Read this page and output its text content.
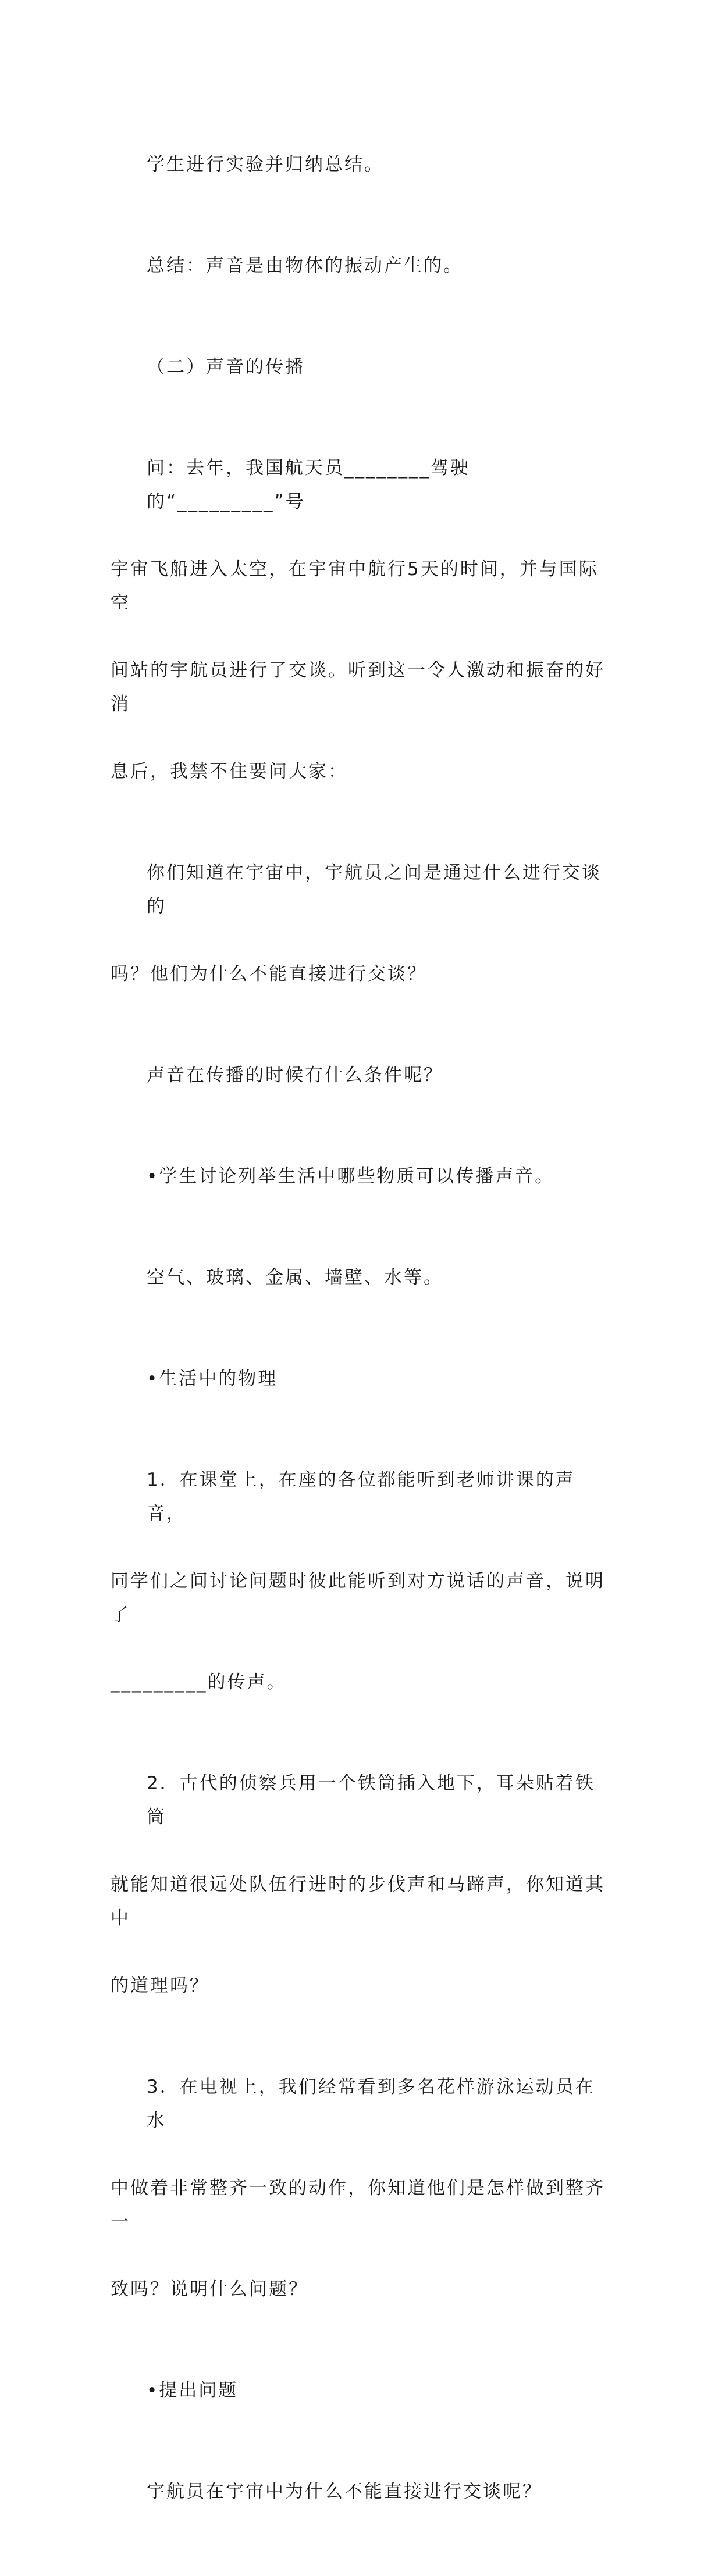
学生进行实验并归纳总结。

总结：声音是由物体的振动产生的。

（二）声音的传播

问：去年，我国航天员________驾驶的“_________”号

宇宙飞船进入太空，在宇宙中航行5天的时间，并与国际空

间站的宇航员进行了交谈。听到这一令人激动和振奋的好消

息后，我禁不住要问大家：

你们知道在宇宙中，宇航员之间是通过什么进行交谈的

吗？他们为什么不能直接进行交谈？

声音在传播的时候有什么条件呢？

•学生讨论列举生活中哪些物质可以传播声音。

空气、玻璃、金属、墙壁、水等。

•生活中的物理

1．在课堂上，在座的各位都能听到老师讲课的声音，

同学们之间讨论问题时彼此能听到对方说话的声音，说明了

_________的传声。

2．古代的侦察兵用一个铁筒插入地下，耳朵贴着铁筒

就能知道很远处队伍行进时的步伐声和马蹄声，你知道其中

的道理吗？

3．在电视上，我们经常看到多名花样游泳运动员在水

中做着非常整齐一致的动作，你知道他们是怎样做到整齐一

致吗？说明什么问题？

•提出问题

宇航员在宇宙中为什么不能直接进行交谈呢？
